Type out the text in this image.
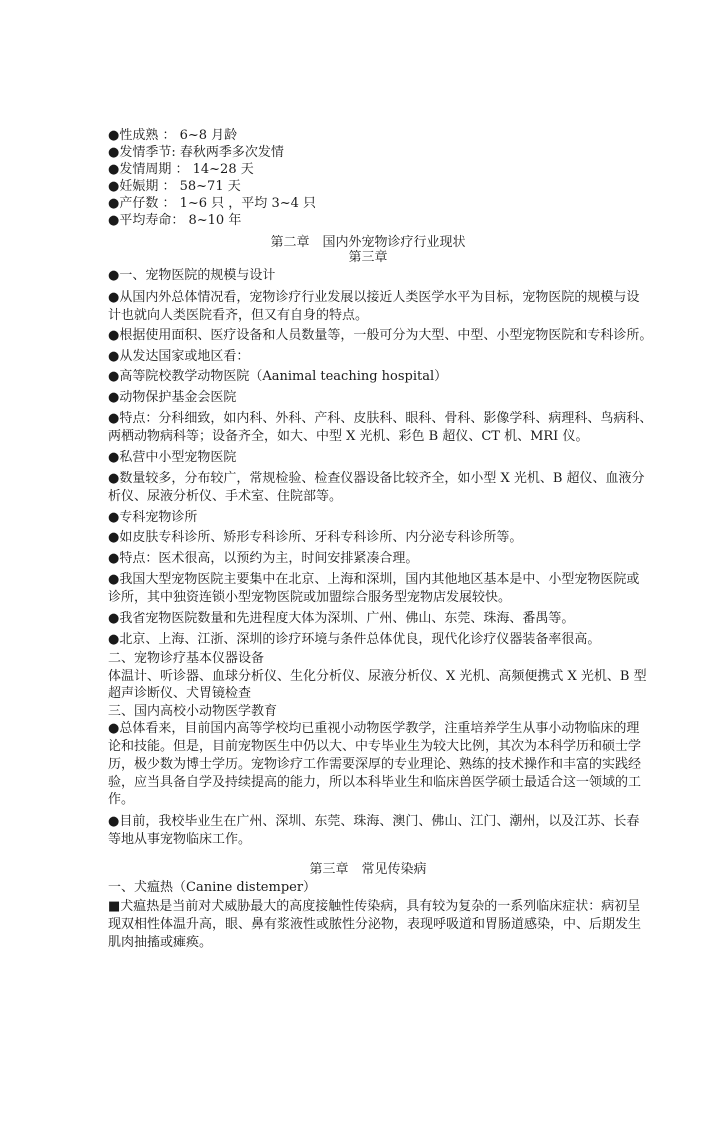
●性成熟 ： 6~8 月龄
●发情季节: 春秋两季多次发情
●发情周期 ： 14~28 天
●妊娠期 ： 58~71 天
●产仔数 ： 1~6 只 ，平均 3~4 只
●平均寿命： 8~10 年
第二章　国内外宠物诊疗行业现状
第三章
●一、宠物医院的规模与设计
●从国内外总体情况看，宠物诊疗行业发展以接近人类医学水平为目标，宠物医院的规模与设
计也就向人类医院看齐，但又有自身的特点。
●根据使用面积、医疗设备和人员数量等，一般可分为大型、中型、小型宠物医院和专科诊所。
●从发达国家或地区看：
●高等院校教学动物医院（Aanimal teaching hospital）
●动物保护基金会医院
●特点：分科细致，如内科、外科、产科、皮肤科、眼科、骨科、影像学科、病理科、鸟病科、
两栖动物病科等；设备齐全，如大、中型 X 光机、彩色 B 超仪、CT 机、MRI 仪。
●私营中小型宠物医院
●数量较多，分布较广，常规检验、检查仪器设备比较齐全，如小型 X 光机、B 超仪、血液分
析仪、尿液分析仪、手术室、住院部等。
●专科宠物诊所
●如皮肤专科诊所、矫形专科诊所、牙科专科诊所、内分泌专科诊所等。
●特点：医术很高，以预约为主，时间安排紧凑合理。
●我国大型宠物医院主要集中在北京、上海和深圳，国内其他地区基本是中、小型宠物医院或
诊所，其中独资连锁小型宠物医院或加盟综合服务型宠物店发展较快。
●我省宠物医院数量和先进程度大体为深圳、广州、佛山、东莞、珠海、番禺等。
●北京、上海、江浙、深圳的诊疗环境与条件总体优良，现代化诊疗仪器装备率很高。
二、宠物诊疗基本仪器设备
体温计、听诊器、血球分析仪、生化分析仪、尿液分析仪、X 光机、高频便携式 X 光机、B 型
超声诊断仪、犬胃镜检查
三、国内高校小动物医学教育
●总体看来，目前国内高等学校均已重视小动物医学教学，注重培养学生从事小动物临床的理
论和技能。但是，目前宠物医生中仍以大、中专毕业生为较大比例，其次为本科学历和硕士学
历，极少数为博士学历。宠物诊疗工作需要深厚的专业理论、熟练的技术操作和丰富的实践经
验，应当具备自学及持续提高的能力，所以本科毕业生和临床兽医学硕士最适合这一领域的工
作。
●目前，我校毕业生在广州、深圳、东莞、珠海、澳门、佛山、江门、潮州，以及江苏、长春
等地从事宠物临床工作。
第三章　常见传染病
一、犬瘟热（Canine distemper）
■犬瘟热是当前对犬威胁最大的高度接触性传染病，具有较为复杂的一系列临床症状：病初呈
现双相性体温升高，眼、鼻有浆液性或脓性分泌物，表现呼吸道和胃肠道感染，中、后期发生
肌肉抽搐或瘫痪。
